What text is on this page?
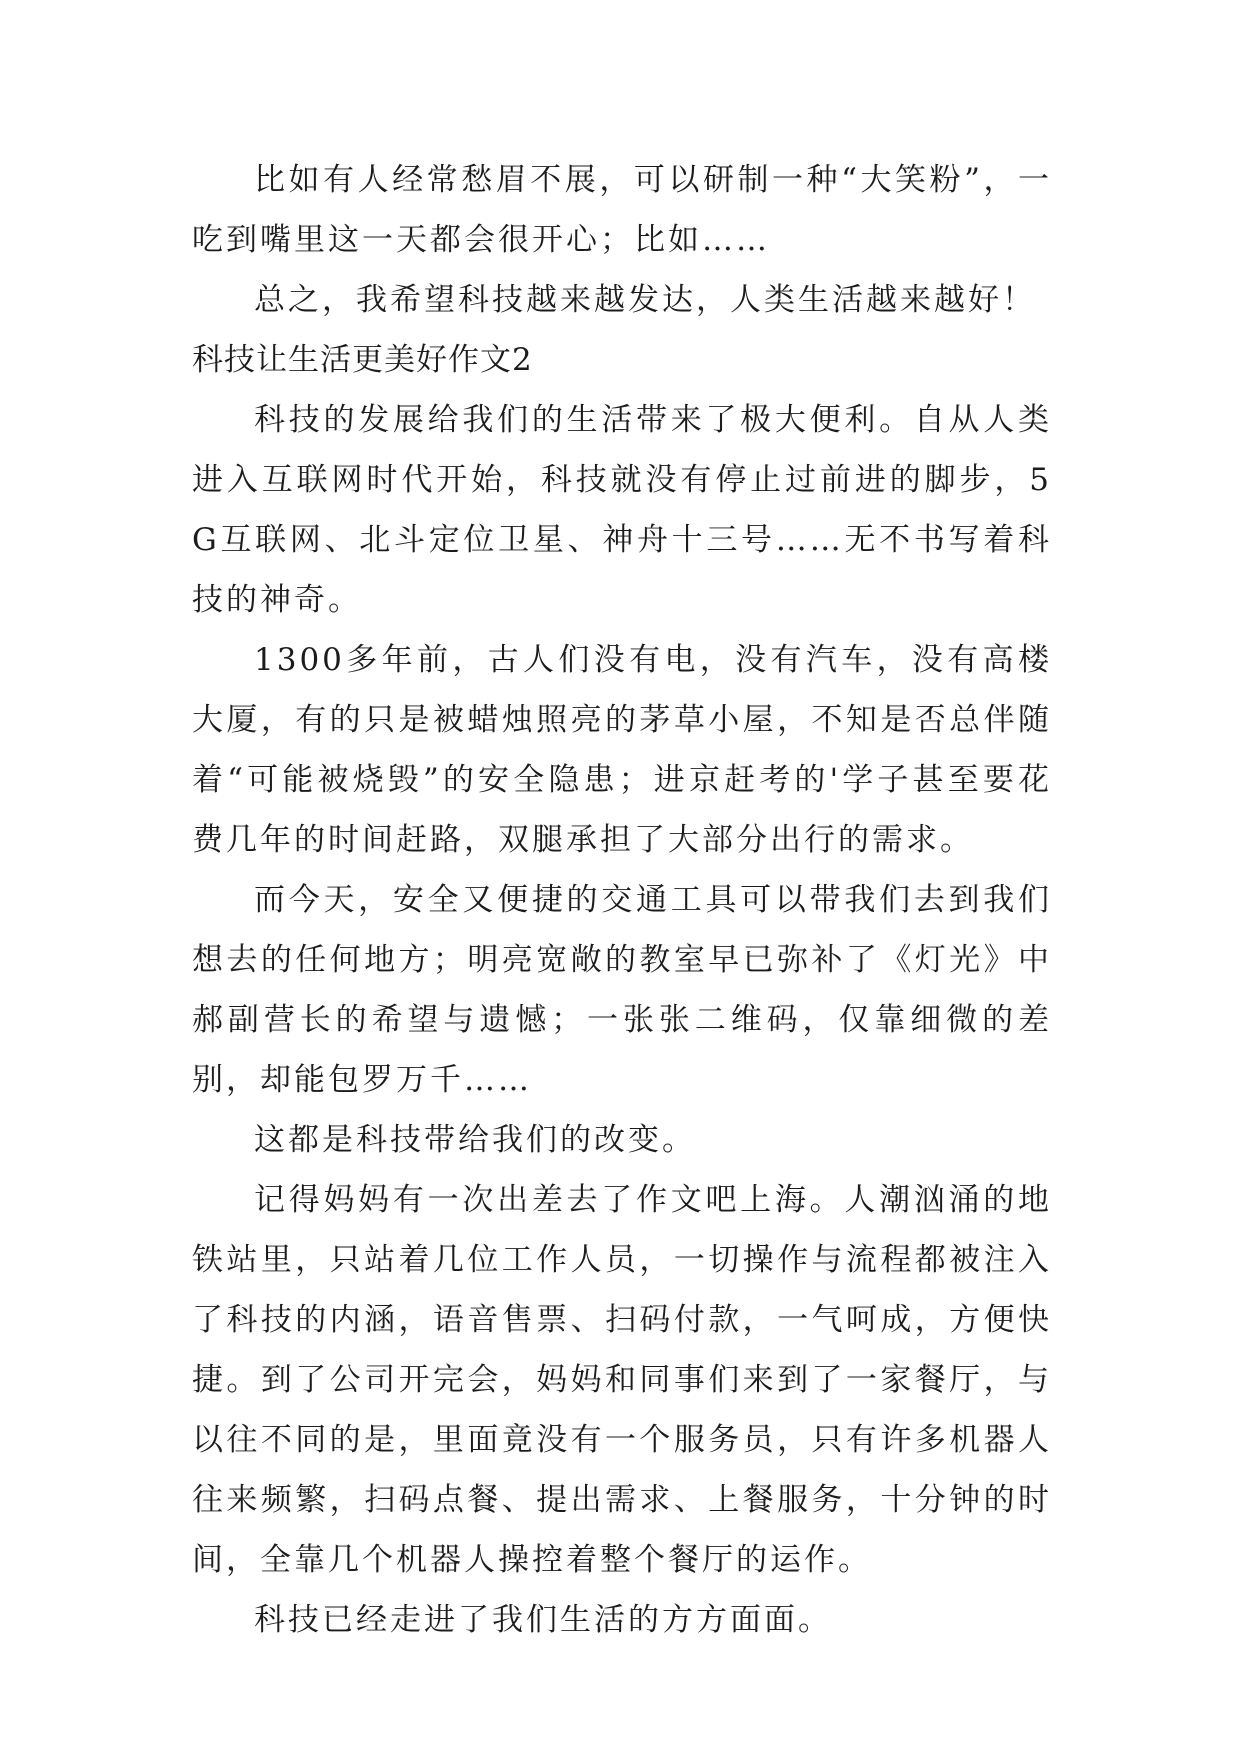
比如有人经常愁眉不展，可以研制一种“大笑粉”，一吃到嘴里这一天都会很开心；比如……

总之，我希望科技越来越发达，人类生活越来越好！

科技让生活更美好作文2

科技的发展给我们的生活带来了极大便利。自从人类进入互联网时代开始，科技就没有停止过前进的脚步，5G互联网、北斗定位卫星、神舟十三号……无不书写着科技的神奇。

1300多年前，古人们没有电，没有汽车，没有高楼大厦，有的只是被蜡烛照亮的茅草小屋，不知是否总伴随着“可能被烧毁”的安全隐患；进京赶考的'学子甚至要花费几年的时间赶路，双腿承担了大部分出行的需求。

而今天，安全又便捷的交通工具可以带我们去到我们想去的任何地方；明亮宽敞的教室早已弥补了《灯光》中郝副营长的希望与遗憾；一张张二维码，仅靠细微的差别，却能包罗万千……

这都是科技带给我们的改变。

记得妈妈有一次出差去了作文吧上海。人潮汹涌的地铁站里，只站着几位工作人员，一切操作与流程都被注入了科技的内涵，语音售票、扫码付款，一气呵成，方便快捷。到了公司开完会，妈妈和同事们来到了一家餐厅，与以往不同的是，里面竟没有一个服务员，只有许多机器人往来频繁，扫码点餐、提出需求、上餐服务，十分钟的时间，全靠几个机器人操控着整个餐厅的运作。

科技已经走进了我们生活的方方面面。
